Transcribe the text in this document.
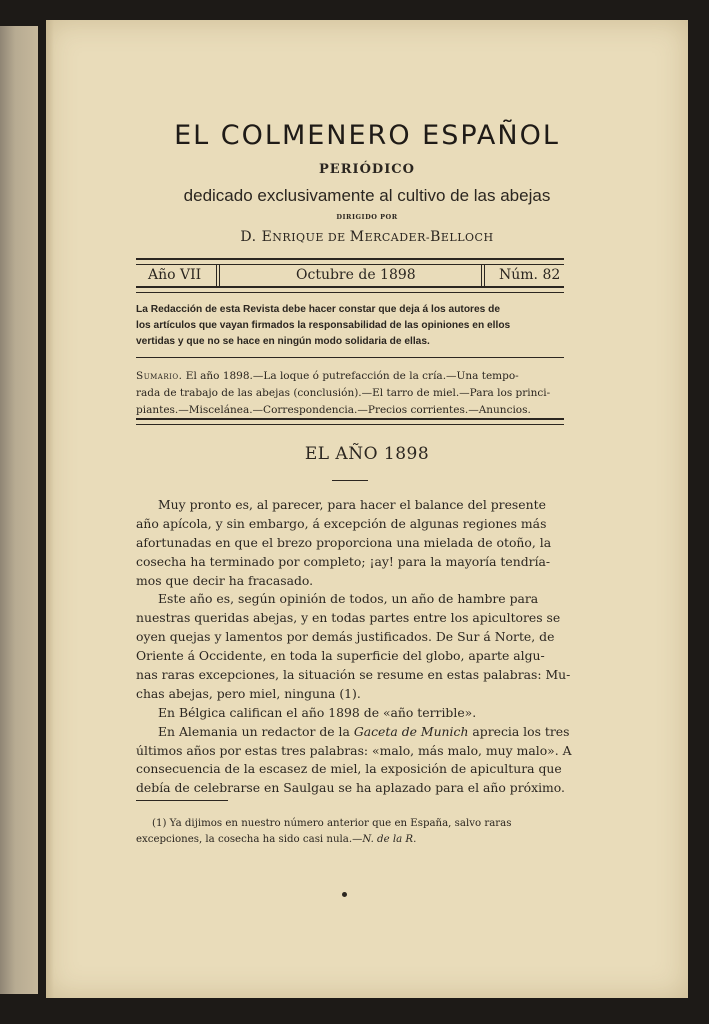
EL COLMENERO ESPAÑOL
PERIÓDICO
dedicado exclusivamente al cultivo de las abejas
DIRIGIDO POR
D. ENRIQUE DE MERCADER-BELLOCH
Año VII	Octubre de 1898	Núm. 82
La Redacción de esta Revista debe hacer constar que deja á los autores de
los artículos que vayan firmados la responsabilidad de las opiniones en ellos
vertidas y que no se hace en ningún modo solidaria de ellas.
Sumario. El año 1898.—La loque ó putrefacción de la cría.—Una tempo-
rada de trabajo de las abejas (conclusión).—El tarro de miel.—Para los princi-
piantes.—Miscelánea.—Correspondencia.—Precios corrientes.—Anuncios.
EL AÑO 1898
Muy pronto es, al parecer, para hacer el balance del presente
año apícola, y sin embargo, á excepción de algunas regiones más
afortunadas en que el brezo proporciona una mielada de otoño, la
cosecha ha terminado por completo; ¡ay! para la mayoría tendría-
mos que decir ha fracasado.
Este año es, según opinión de todos, un año de hambre para
nuestras queridas abejas, y en todas partes entre los apicultores se
oyen quejas y lamentos por demás justificados. De Sur á Norte, de
Oriente á Occidente, en toda la superficie del globo, aparte algu-
nas raras excepciones, la situación se resume en estas palabras: Mu-
chas abejas, pero miel, ninguna (1).
En Bélgica califican el año 1898 de «año terrible».
En Alemania un redactor de la Gaceta de Munich aprecia los tres
últimos años por estas tres palabras: «malo, más malo, muy malo». A
consecuencia de la escasez de miel, la exposición de apicultura que
debía de celebrarse en Saulgau se ha aplazado para el año próximo.
(1) Ya dijimos en nuestro número anterior que en España, salvo raras
excepciones, la cosecha ha sido casi nula.—N. de la R.
